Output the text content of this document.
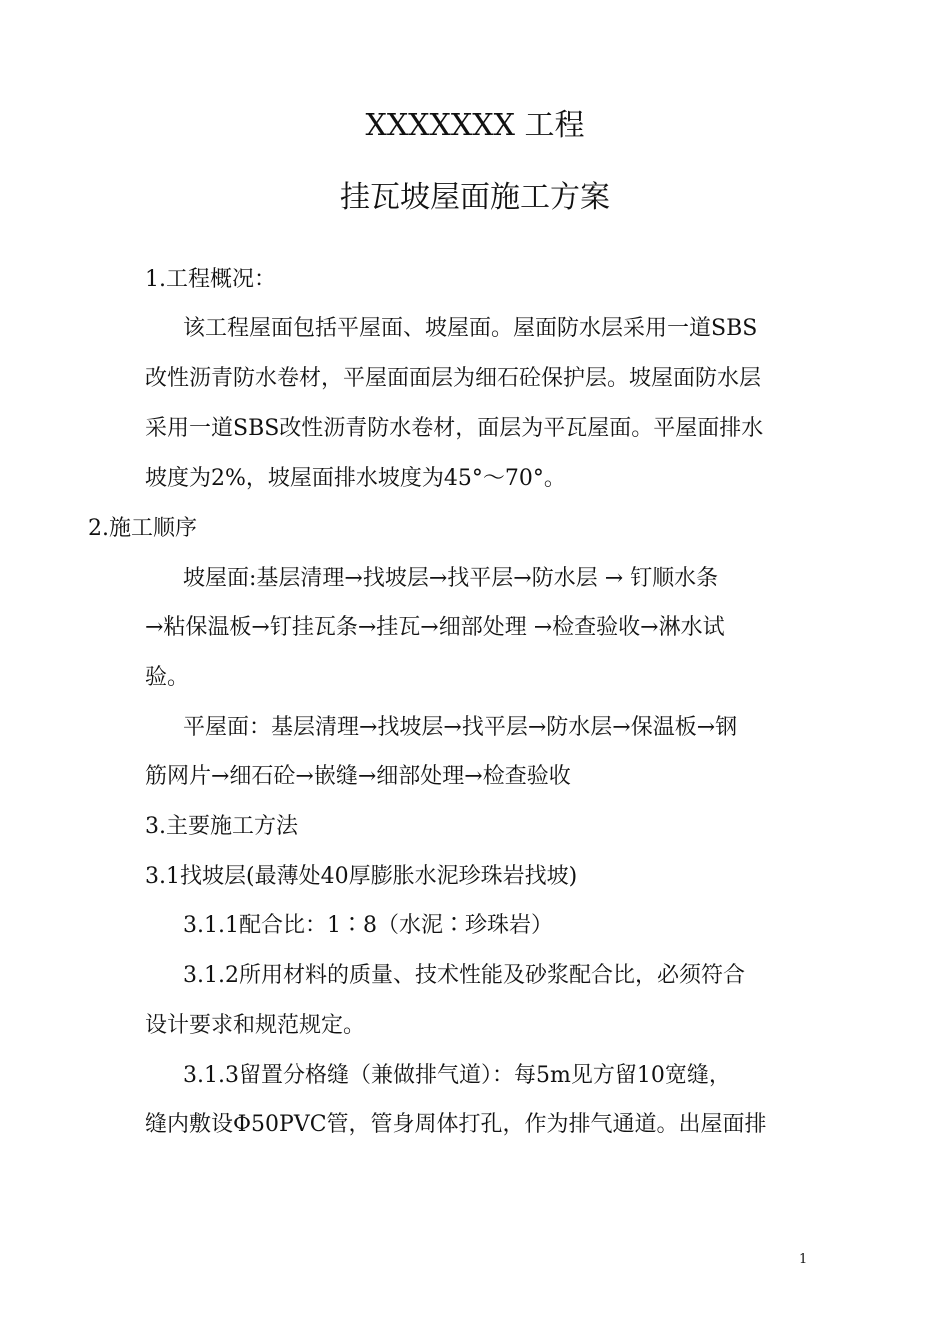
XXXXXXX 工程
挂瓦坡屋面施工方案
1.工程概况：
该工程屋面包括平屋面、坡屋面。屋面防水层采用一道SBS
改性沥青防水卷材，平屋面面层为细石砼保护层。坡屋面防水层
采用一道SBS改性沥青防水卷材，面层为平瓦屋面。平屋面排水
坡度为2%，坡屋面排水坡度为45°～70°。
2.施工顺序
坡屋面:基层清理→找坡层→找平层→防水层 → 钉顺水条
→粘保温板→钉挂瓦条→挂瓦→细部处理 →检查验收→淋水试
验。
平屋面：基层清理→找坡层→找平层→防水层→保温板→钢
筋网片→细石砼→嵌缝→细部处理→检查验收
3.主要施工方法
3.1找坡层(最薄处40厚膨胀水泥珍珠岩找坡)
3.1.1配合比：1∶8（水泥∶珍珠岩）
3.1.2所用材料的质量、技术性能及砂浆配合比，必须符合
设计要求和规范规定。
3.1.3留置分格缝（兼做排气道）：每5m见方留10宽缝，
缝内敷设Φ50PVC管，管身周体打孔，作为排气通道。出屋面排
1
